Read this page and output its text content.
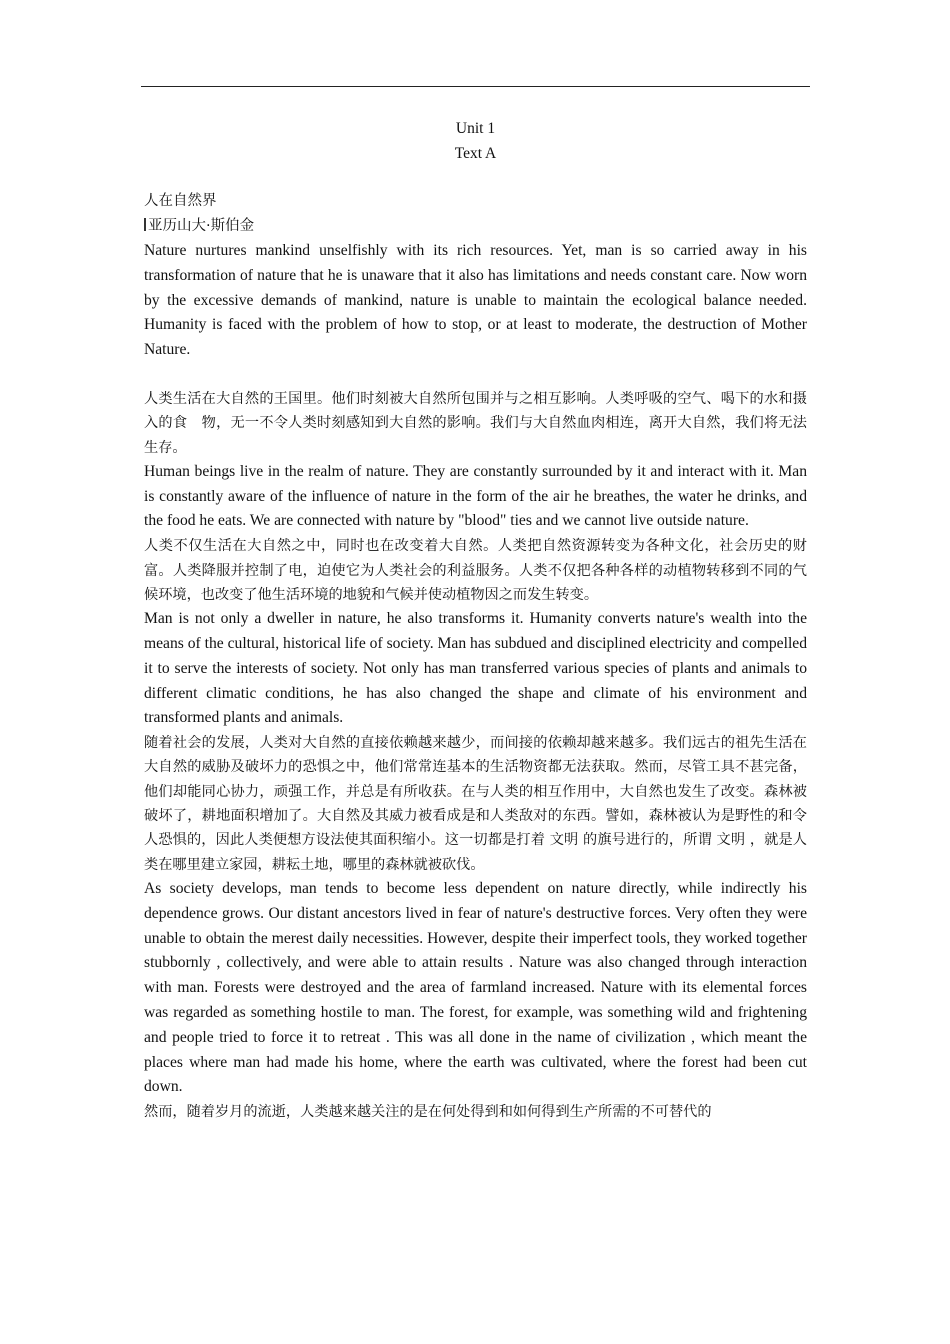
Unit 1
Text A

人在自然界

亚历山大·斯伯金

Nature nurtures mankind unselfishly with its rich resources. Yet, man is so carried away in his transformation of nature that he is unaware that it also has limitations and needs constant care. Now worn by the excessive demands of mankind, nature is unable to maintain the ecological balance needed. Humanity is faced with the problem of how to stop, or at least to moderate, the destruction of Mother Nature.

人类生活在大自然的王国里。他们时刻被大自然所包围并与之相互影响。人类呼吸的空气、喝下的水和摄入的食　物，无一不令人类时刻感知到大自然的影响。我们与大自然血肉相连，离开大自然，我们将无法生存。

Human beings live in the realm of nature. They are constantly surrounded by it and interact with it. Man is constantly aware of the influence of nature in the form of the air he breathes, the water he drinks, and the food he eats. We are connected with nature by "blood" ties and we cannot live outside nature.

人类不仅生活在大自然之中，同时也在改变着大自然。人类把自然资源转变为各种文化，社会历史的财富。人类降服并控制了电，迫使它为人类社会的利益服务。人类不仅把各种各样的动植物转移到不同的气候环境，也改变了他生活环境的地貌和气候并使动植物因之而发生转变。

Man is not only a dweller in nature, he also transforms it. Humanity converts nature's wealth into the means of the cultural, historical life of society. Man has subdued and disciplined electricity and compelled it to serve the interests of society. Not only has man transferred various species of plants and animals to different climatic conditions, he has also changed the shape and climate of his environment and transformed plants and animals.

随着社会的发展，人类对大自然的直接依赖越来越少，而间接的依赖却越来越多。我们远古的祖先生活在大自然的威胁及破坏力的恐惧之中，他们常常连基本的生活物资都无法获取。然而，尽管工具不甚完备，他们却能同心协力，顽强工作，并总是有所收获。在与人类的相互作用中，大自然也发生了改变。森林被破坏了，耕地面积增加了。大自然及其威力被看成是和人类敌对的东西。譬如，森林被认为是野性的和令人恐惧的，因此人类便想方设法使其面积缩小。这一切都是打着 文明 的旗号进行的，所谓 文明 ，就是人类在哪里建立家园，耕耘土地，哪里的森林就被砍伐。

As society develops, man tends to become less dependent on nature directly, while indirectly his dependence grows. Our distant ancestors lived in fear of nature's destructive forces. Very often they were unable to obtain the merest daily necessities. However, despite their imperfect tools, they worked together stubbornly , collectively, and were able to attain results . Nature was also changed through interaction with man. Forests were destroyed and the area of farmland increased. Nature with its elemental forces was regarded as something hostile to man. The forest, for example, was something wild and frightening and people tried to force it to retreat . This was all done in the name of civilization , which meant the places where man had made his home, where the earth was cultivated, where the forest had been cut down.

然而，随着岁月的流逝，人类越来越关注的是在何处得到和如何得到生产所需的不可替代的
